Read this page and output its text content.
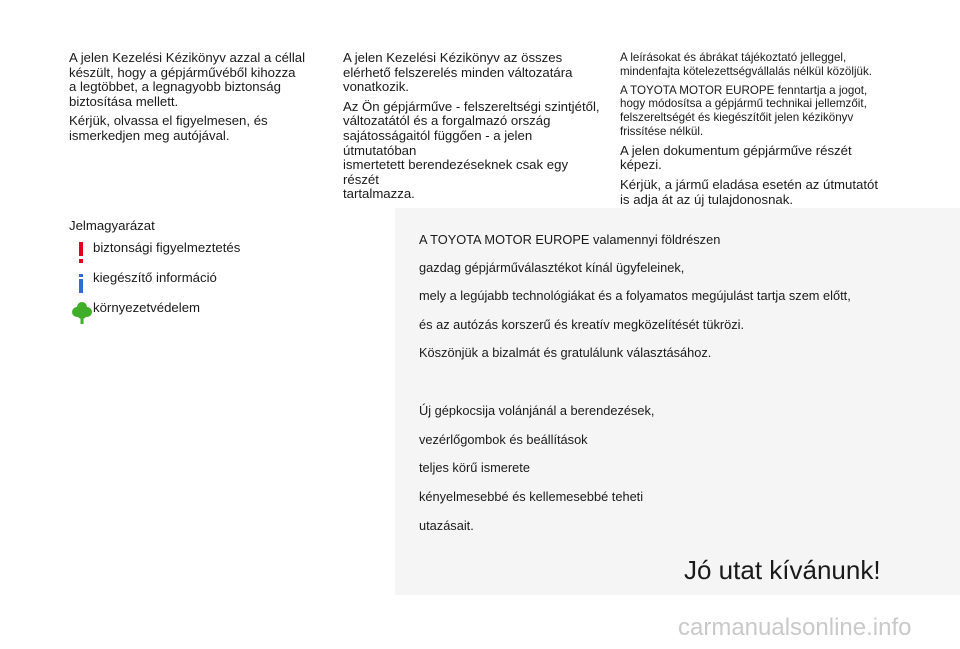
A jelen Kezelési Kézikönyv azzal a céllal
készült, hogy a gépjárművéből kihozza
a legtöbbet, a legnagyobb biztonság
biztosítása mellett.

Kérjük, olvassa el figyelmesen, és
ismerkedjen meg autójával.

A jelen Kezelési Kézikönyv az összes
elérhető felszerelés minden változatára
vonatkozik.

Az Ön gépjárműve - felszereltségi szintjétől,
változatától és a forgalmazó ország
sajátosságaitól függően - a jelen útmutatóban
ismertetett berendezéseknek csak egy részét
tartalmazza.

A leírásokat és ábrákat tájékoztató jelleggel,
mindenfajta kötelezettségvállalás nélkül közöljük.

A TOYOTA MOTOR EUROPE fenntartja a jogot,
hogy módosítsa a gépjármű technikai jellemzőit,
felszereltségét és kiegészítőit jelen kézikönyv
frissítése nélkül.

A jelen dokumentum gépjárműve részét
képezi.

Kérjük, a jármű eladása esetén az útmutatót
is adja át az új tulajdonosnak.

Jelmagyarázat
biztonsági figyelmeztetés
kiegészítő információ
környezetvédelem
A TOYOTA MOTOR EUROPE valamennyi földrészen
gazdag gépjárműválasztékot kínál ügyfeleinek,
mely a legújabb technológiákat és a folyamatos megújulást tartja szem előtt,
és az autózás korszerű és kreatív megközelítését tükrözi.
Köszönjük a bizalmát és gratulálunk választásához.
Új gépkocsija volánjánál a berendezések,
vezérlőgombok és beállítások
teljes körű ismerete
kényelmesebbé és kellemesebbé teheti
utazásait.
Jó utat kívánunk!
carmanualsonline.info
